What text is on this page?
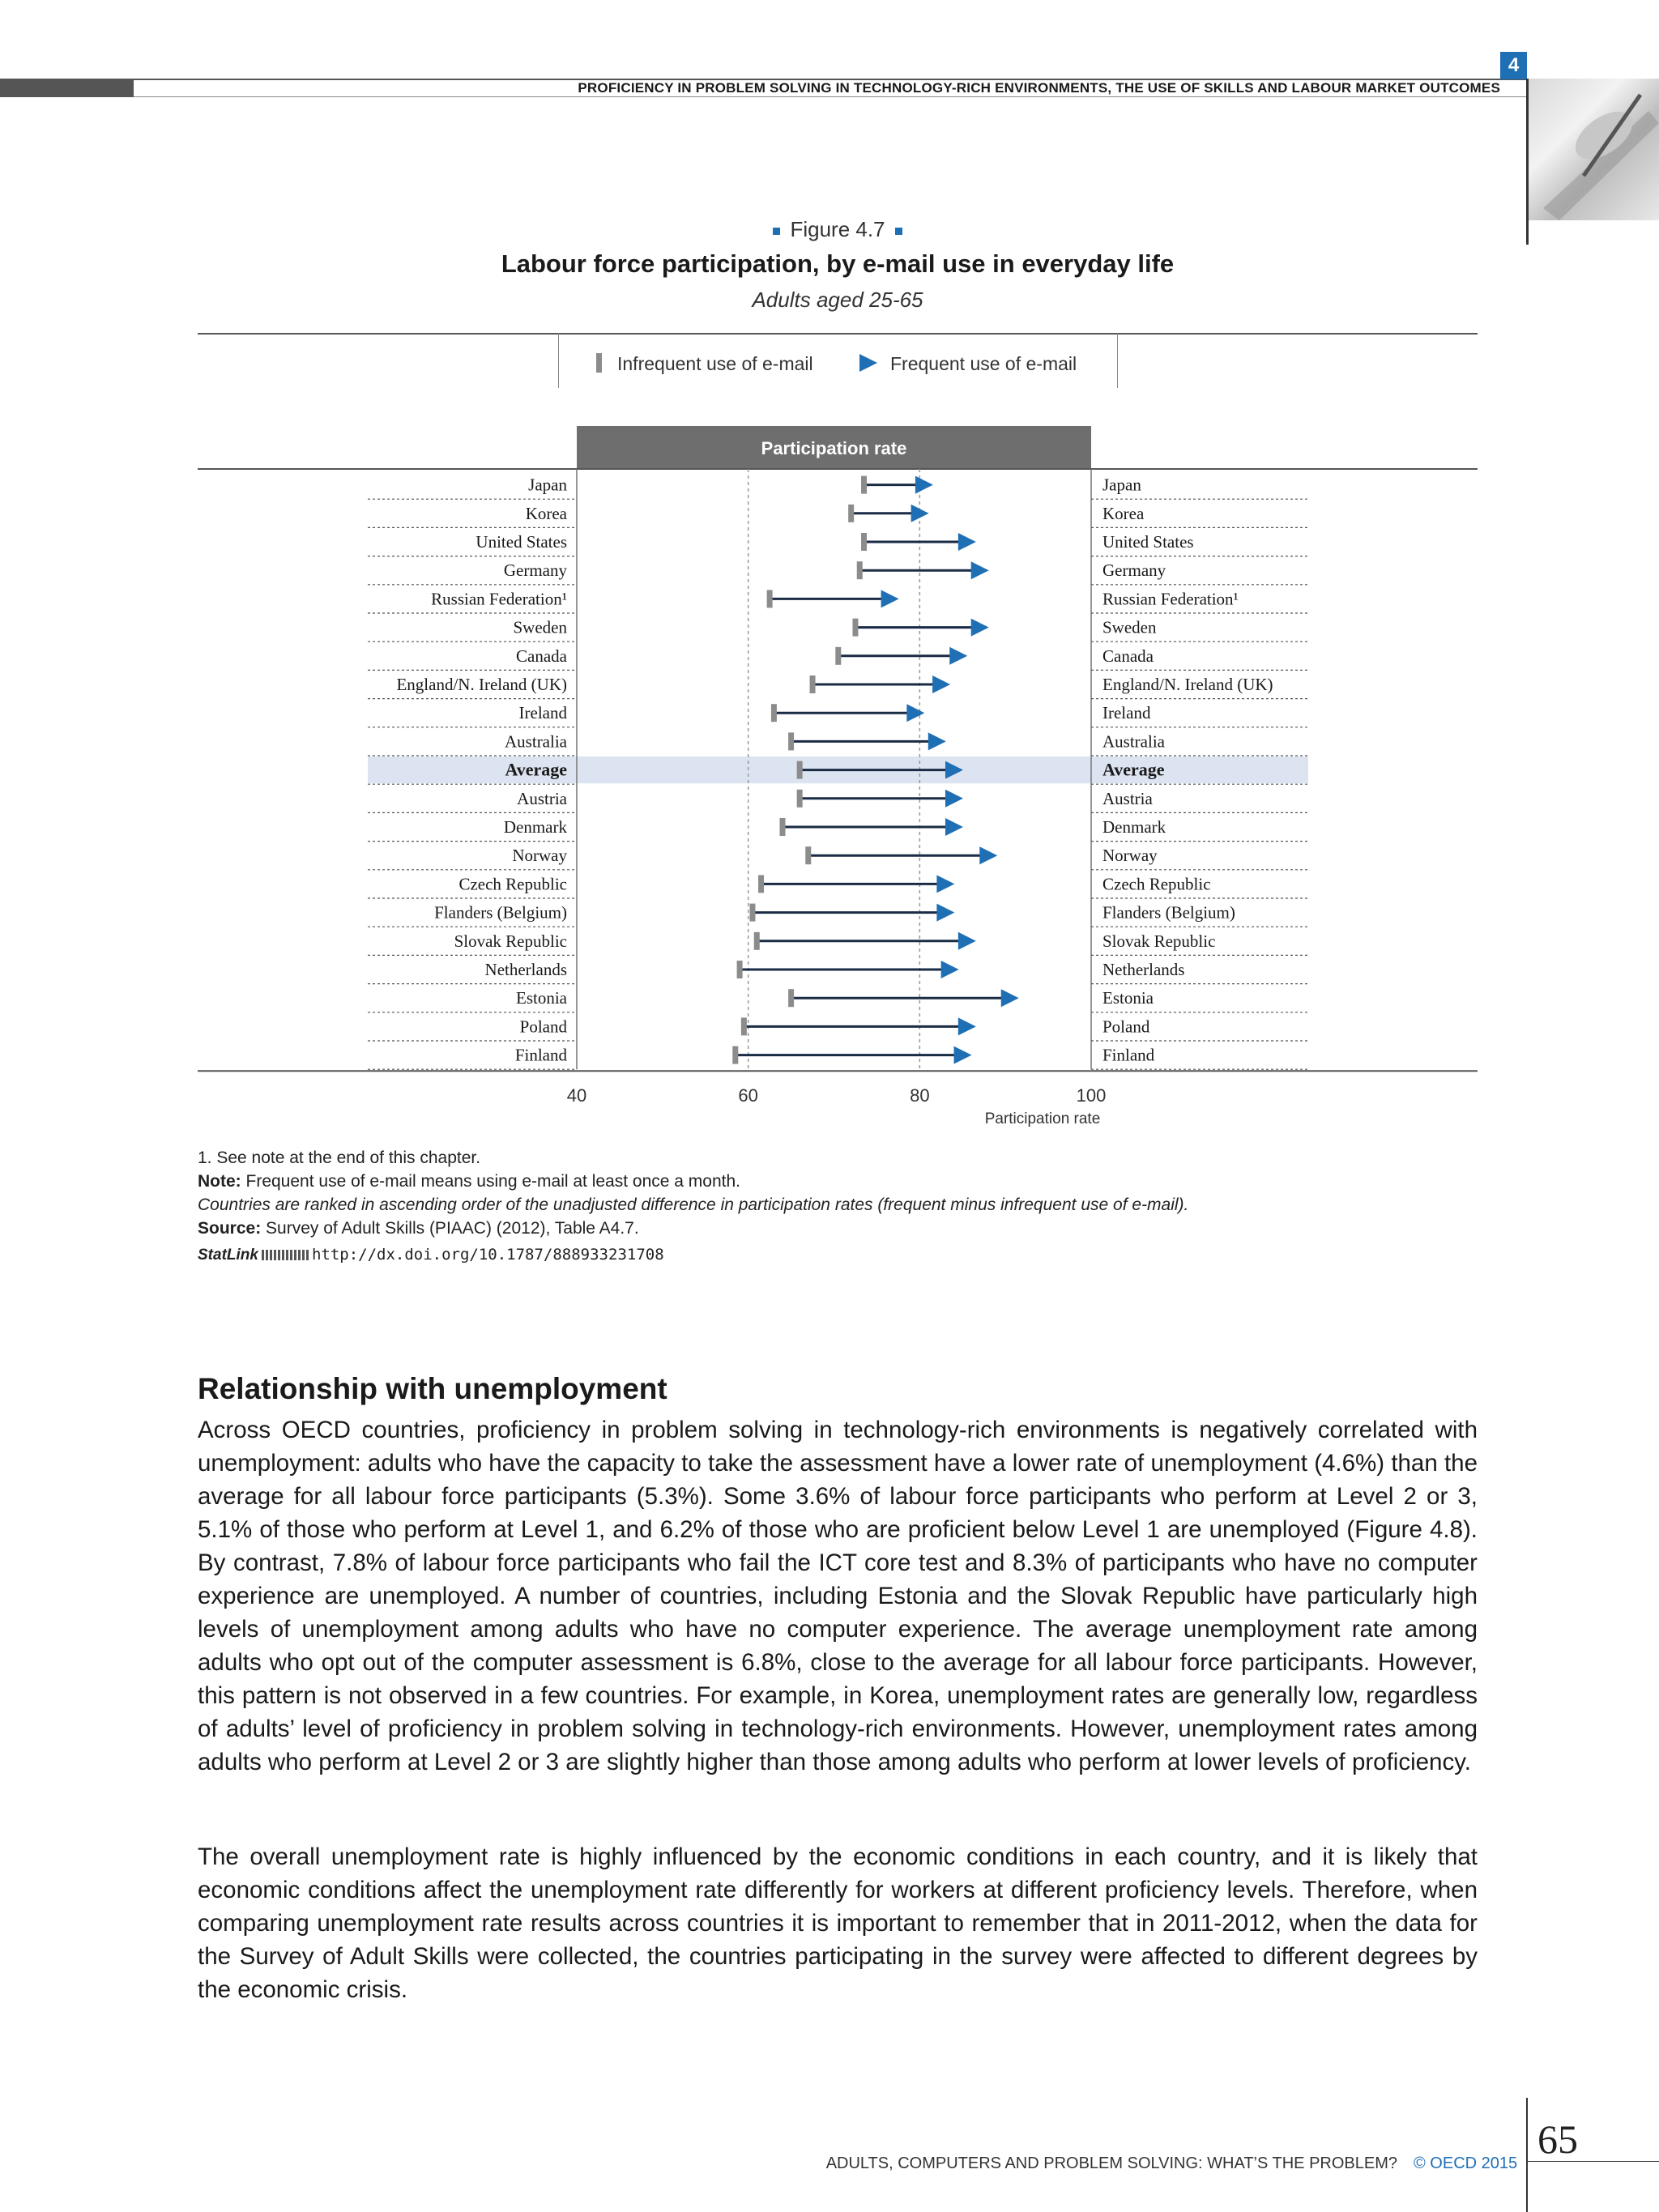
PROFICIENCY IN PROBLEM SOLVING IN TECHNOLOGY-RICH ENVIRONMENTS, THE USE OF SKILLS AND LABOUR MARKET OUTCOMES
4
Figure 4.7
Labour force participation, by e-mail use in everyday life
Adults aged 25-65
Infrequent use of e-mail	Frequent use of e-mail
Participation rate
Japan	Japan
Korea	Korea
United States	United States
Germany	Germany
Russian Federation¹	Russian Federation¹
Sweden	Sweden
Canada	Canada
England/N. Ireland (UK)	England/N. Ireland (UK)
Ireland	Ireland
Australia	Australia
Average	Average
Austria	Austria
Denmark	Denmark
Norway	Norway
Czech Republic	Czech Republic
Flanders (Belgium)	Flanders (Belgium)
Slovak Republic	Slovak Republic
Netherlands	Netherlands
Estonia	Estonia
Poland	Poland
Finland	Finland
40	60	80	100
Participation rate
1. See note at the end of this chapter.
Note: Frequent use of e-mail means using e-mail at least once a month.
Countries are ranked in ascending order of the unadjusted difference in participation rates (frequent minus infrequent use of e-mail).
Source: Survey of Adult Skills (PIAAC) (2012), Table A4.7.
StatLink	http://dx.doi.org/10.1787/888933231708
Relationship with unemployment

Across OECD countries, proficiency in problem solving in technology-rich environments is negatively correlated with unemployment: adults who have the capacity to take the assessment have a lower rate of unemployment (4.6%) than the average for all labour force participants (5.3%). Some 3.6% of labour force participants who perform at Level 2 or 3, 5.1% of those who perform at Level 1, and 6.2% of those who are proficient below Level 1 are unemployed (Figure 4.8). By contrast, 7.8% of labour force participants who fail the ICT core test and 8.3% of participants who have no computer experience are unemployed. A number of countries, including Estonia and the Slovak Republic have particularly high levels of unemployment among adults who have no computer experience. The average unemployment rate among adults who opt out of the computer assessment is 6.8%, close to the average for all labour force participants. However, this pattern is not observed in a few countries. For example, in Korea, unemployment rates are generally low, regardless of adults’ level of proficiency in problem solving in technology-rich environments. However, unemployment rates among adults who perform at Level 2 or 3 are slightly higher than those among adults who perform at lower levels of proficiency.

The overall unemployment rate is highly influenced by the economic conditions in each country, and it is likely that economic conditions affect the unemployment rate differently for workers at different proficiency levels. Therefore, when comparing unemployment rate results across countries it is important to remember that in 2011-2012, when the data for the Survey of Adult Skills were collected, the countries participating in the survey were affected to different degrees by the economic crisis.

ADULTS, COMPUTERS AND PROBLEM SOLVING: WHAT’S THE PROBLEM? © OECD 2015
65
